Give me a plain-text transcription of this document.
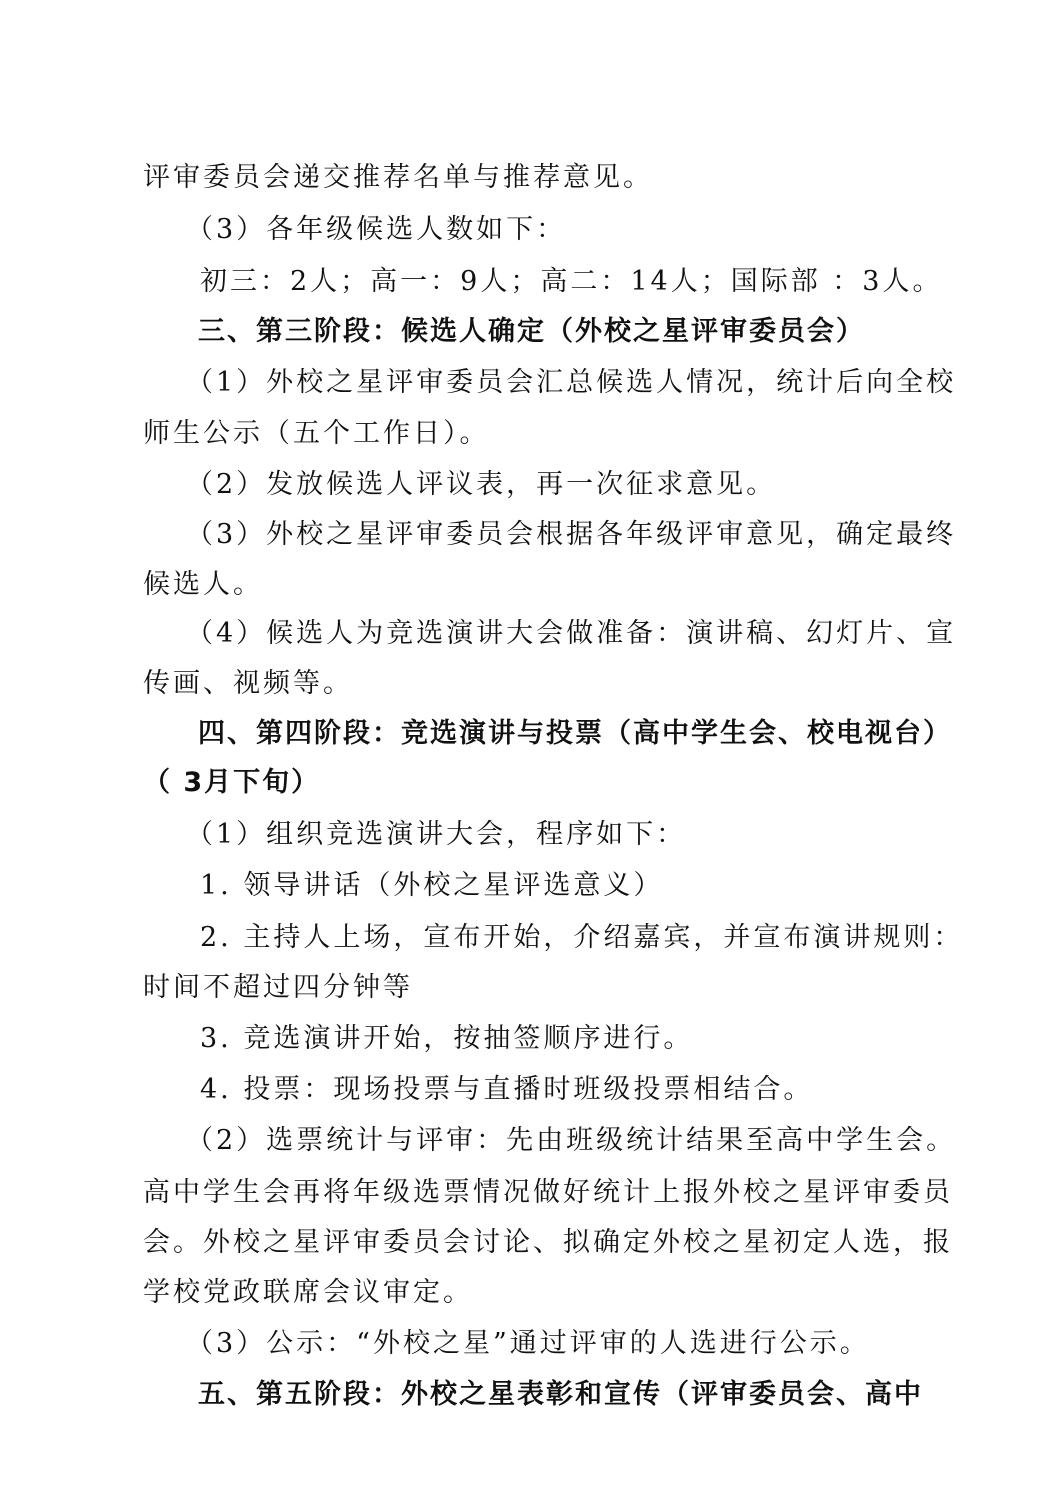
评审委员会递交推荐名单与推荐意见。
（3）各年级候选人数如下：
初三：2人；高一：9人；高二：14人；国际部 ：3人。
三、第三阶段：候选人确定（外校之星评审委员会）
（1）外校之星评审委员会汇总候选人情况，统计后向全校
师生公示（五个工作日）。
（2）发放候选人评议表，再一次征求意见。
（3）外校之星评审委员会根据各年级评审意见，确定最终
候选人。
（4）候选人为竞选演讲大会做准备：演讲稿、幻灯片、宣
传画、视频等。
四、第四阶段：竞选演讲与投票（高中学生会、校电视台）
（ 3月下旬）
（1）组织竞选演讲大会，程序如下：
1. 领导讲话（外校之星评选意义）
2. 主持人上场，宣布开始，介绍嘉宾，并宣布演讲规则：
时间不超过四分钟等
3. 竞选演讲开始，按抽签顺序进行。
4. 投票：现场投票与直播时班级投票相结合。
（2）选票统计与评审：先由班级统计结果至高中学生会。
高中学生会再将年级选票情况做好统计上报外校之星评审委员
会。外校之星评审委员会讨论、拟确定外校之星初定人选，报
学校党政联席会议审定。
（3）公示：“外校之星”通过评审的人选进行公示。
五、第五阶段：外校之星表彰和宣传（评审委员会、高中
